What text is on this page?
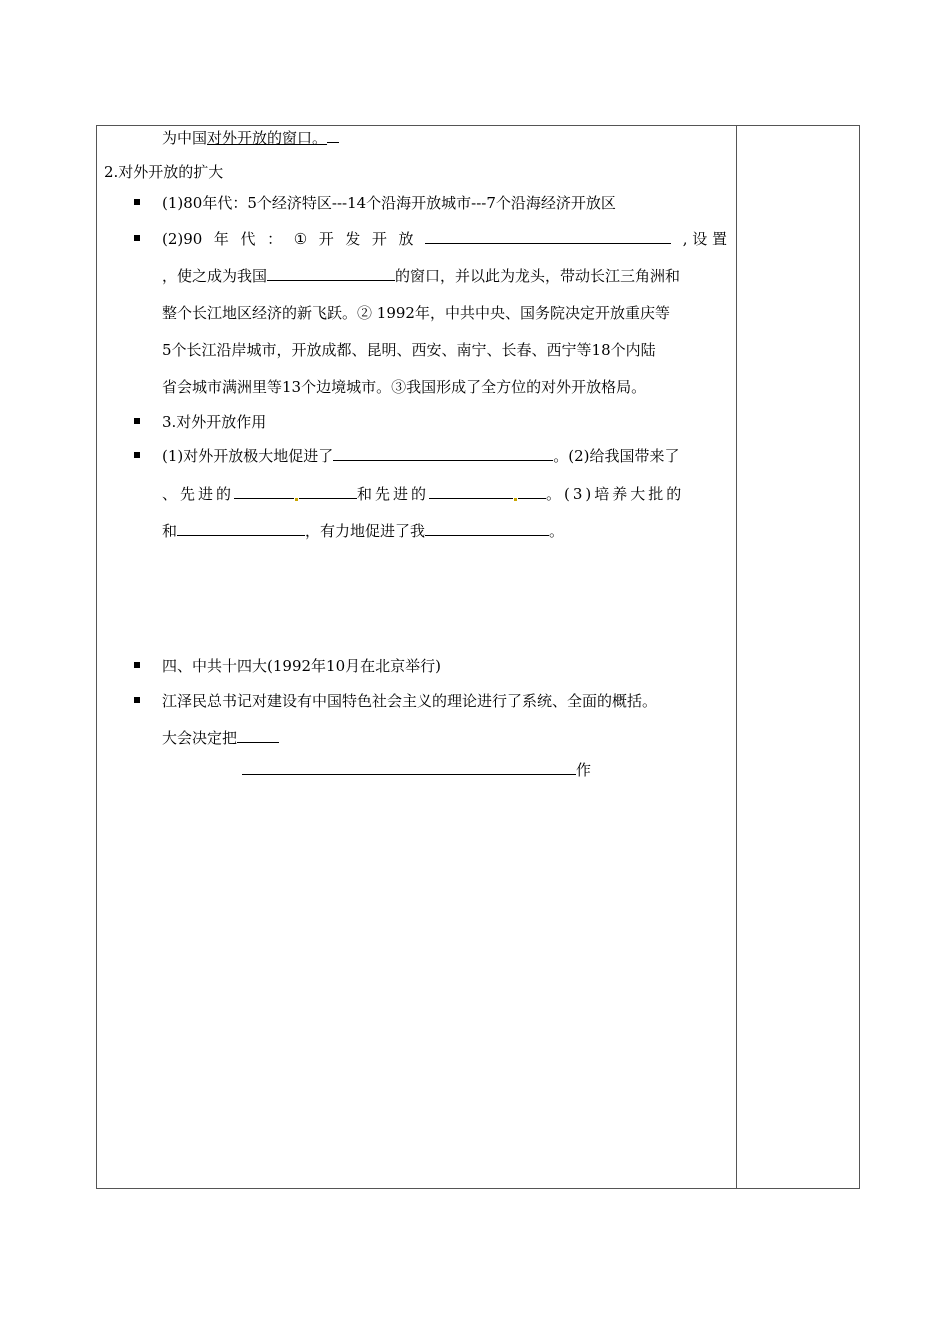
为中国对外开放的窗口。
2.对外开放的扩大
(1)80年代：5个经济特区---14个沿海开放城市---7个沿海经济开放区
(2)90 年 代 ： ① 开 发 开 放	, 设 置
，使之成为我国	的窗口，并以此为龙头，带动长江三角洲和
整个长江地区经济的新飞跃。② 1992年，中共中央、国务院决定开放重庆等
5个长江沿岸城市，开放成都、昆明、西安、南宁、长春、西宁等18个内陆
省会城市满洲里等13个边境城市。③我国形成了全方位的对外开放格局。
3.对外开放作用
(1)对外开放极大地促进了	。(2)给我国带来了
、先进的	和先进的	。(3)培养大批的
和	，有力地促进了我	。
四、中共十四大(1992年10月在北京举行)
江泽民总书记对建设有中国特色社会主义的理论进行了系统、全面的概括。
大会决定把
作
